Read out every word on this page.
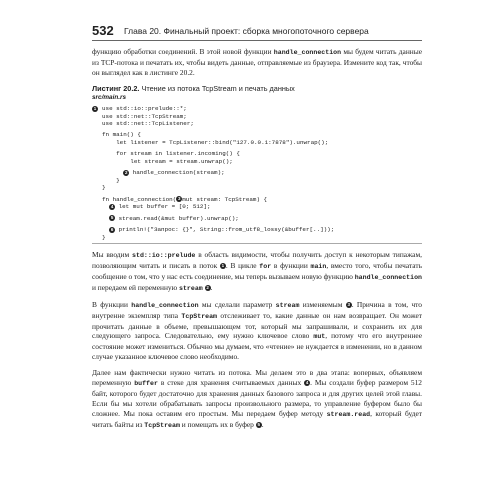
532 Глава 20. Финальный проект: сборка многопоточного сервера

функцию обработки соединений. В этой новой функции handle_connection мы будем читать данные из TCP-потока и печатать их, чтобы видеть данные, отправляемые из браузера. Измените код так, чтобы он выглядел как в листинге 20.2.

Листинг 20.2. Чтение из потока TcpStream и печать данных
src/main.rs
1 use std::io::prelude::*;
use std::net::TcpStream;
use std::net::TcpListener;
fn main() {
let listener = TcpListener::bind("127.0.0.1:7878").unwrap();
for stream in listener.incoming() {
let stream = stream.unwrap();
2 handle_connection(stream);
}
}
fn handle_connection( 3 mut stream: TcpStream) {
4 let mut buffer = [0; 512];
5 stream.read(&mut buffer).unwrap();
6 println!("Запрос: {}", String::from_utf8_lossy(&buffer[..]));
}

Мы вводим std::io::prelude в область видимости, чтобы получить доступ к некоторым типажам, позволяющим читать и писать в поток 1 . В цикле for в функции main, вместо того, чтобы печатать сообщение о том, что у нас есть соединение, мы теперь вызываем новую функцию handle_connection и передаем ей переменную stream 2 .

В функции handle_connection мы сделали параметр stream изменяемым 3 . Причина в том, что внутренне экземпляр типа TcpStream отслеживает то, какие данные он нам возвращает. Он может прочитать данные в объеме, превышающем тот, который мы запрашивали, и сохранить их для следующего запроса. Следовательно, ему нужно ключевое слово mut, потому что его внутреннее состояние может измениться. Обычно мы думаем, что «чтение» не нуждается в изменении, но в данном случае указанное ключевое слово необходимо.

Далее нам фактически нужно читать из потока. Мы делаем это в два этапа: вопервых, объявляем переменную buffer в стеке для хранения считываемых данных 4 . Мы создали буфер размером 512 байт, которого будет достаточно для хранения данных базового запроса и для других целей этой главы. Если бы мы хотели обрабатывать запросы произвольного размера, то управление буфером было бы сложнее. Мы пока оставим его простым. Мы передаем буфер методу stream.read, который будет читать байты из TcpStream и помещать их в буфер 5 .
